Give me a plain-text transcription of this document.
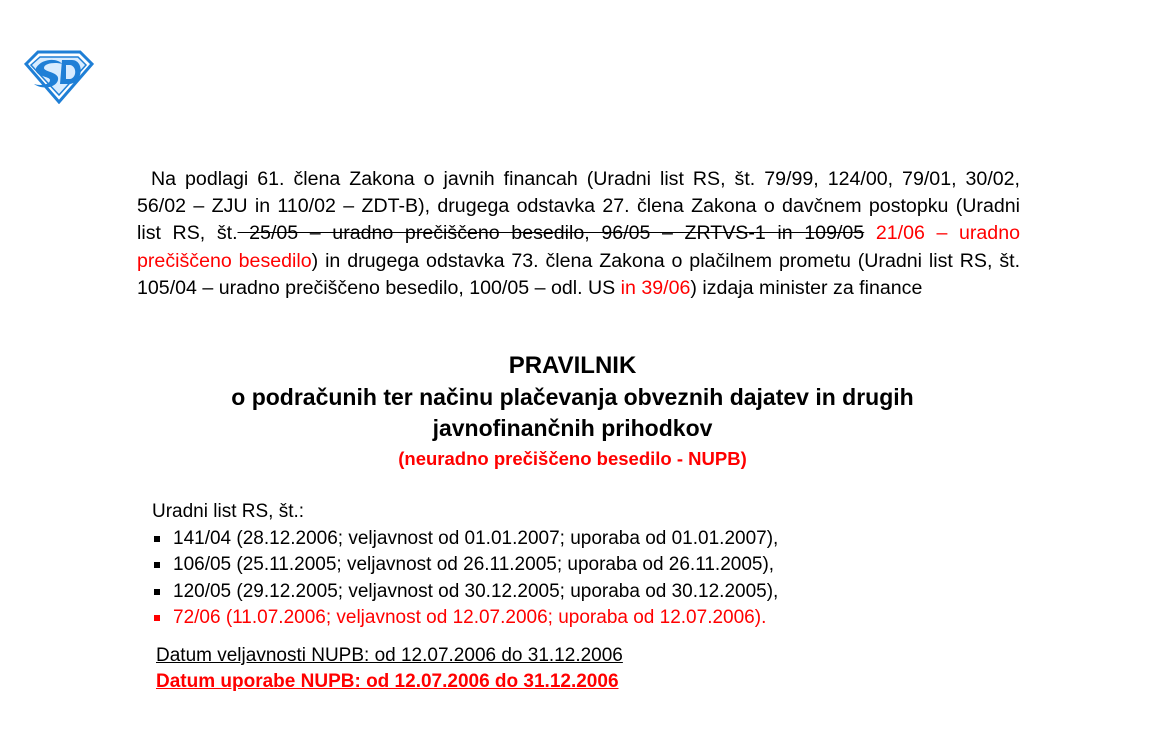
Na podlagi 61. člena Zakona o javnih financah (Uradni list RS, št. 79/99, 124/00, 79/01, 30/02, 56/02 – ZJU in 110/02 – ZDT-B), drugega odstavka 27. člena Zakona o davčnem postopku (Uradni list RS, št. 25/05 – uradno prečiščeno besedilo, 96/05 – ZRTVS-1 in 109/05 21/06 – uradno prečiščeno besedilo) in drugega odstavka 73. člena Zakona o plačilnem prometu (Uradni list RS, št. 105/04 – uradno prečiščeno besedilo, 100/05 – odl. US in 39/06) izdaja minister za finance

PRAVILNIK

o podračunih ter načinu plačevanja obveznih dajatev in drugih

javnofinančnih prihodkov

(neuradno prečiščeno besedilo - NUPB)

Uradni list RS, št.:
141/04 (28.12.2006; veljavnost od 01.01.2007; uporaba od 01.01.2007),
106/05 (25.11.2005; veljavnost od 26.11.2005; uporaba od 26.11.2005),
120/05 (29.12.2005; veljavnost od 30.12.2005; uporaba od 30.12.2005),
72/06 (11.07.2006; veljavnost od 12.07.2006; uporaba od 12.07.2006).
Datum veljavnosti NUPB: od 12.07.2006 do 31.12.2006
Datum uporabe NUPB: od 12.07.2006 do 31.12.2006
